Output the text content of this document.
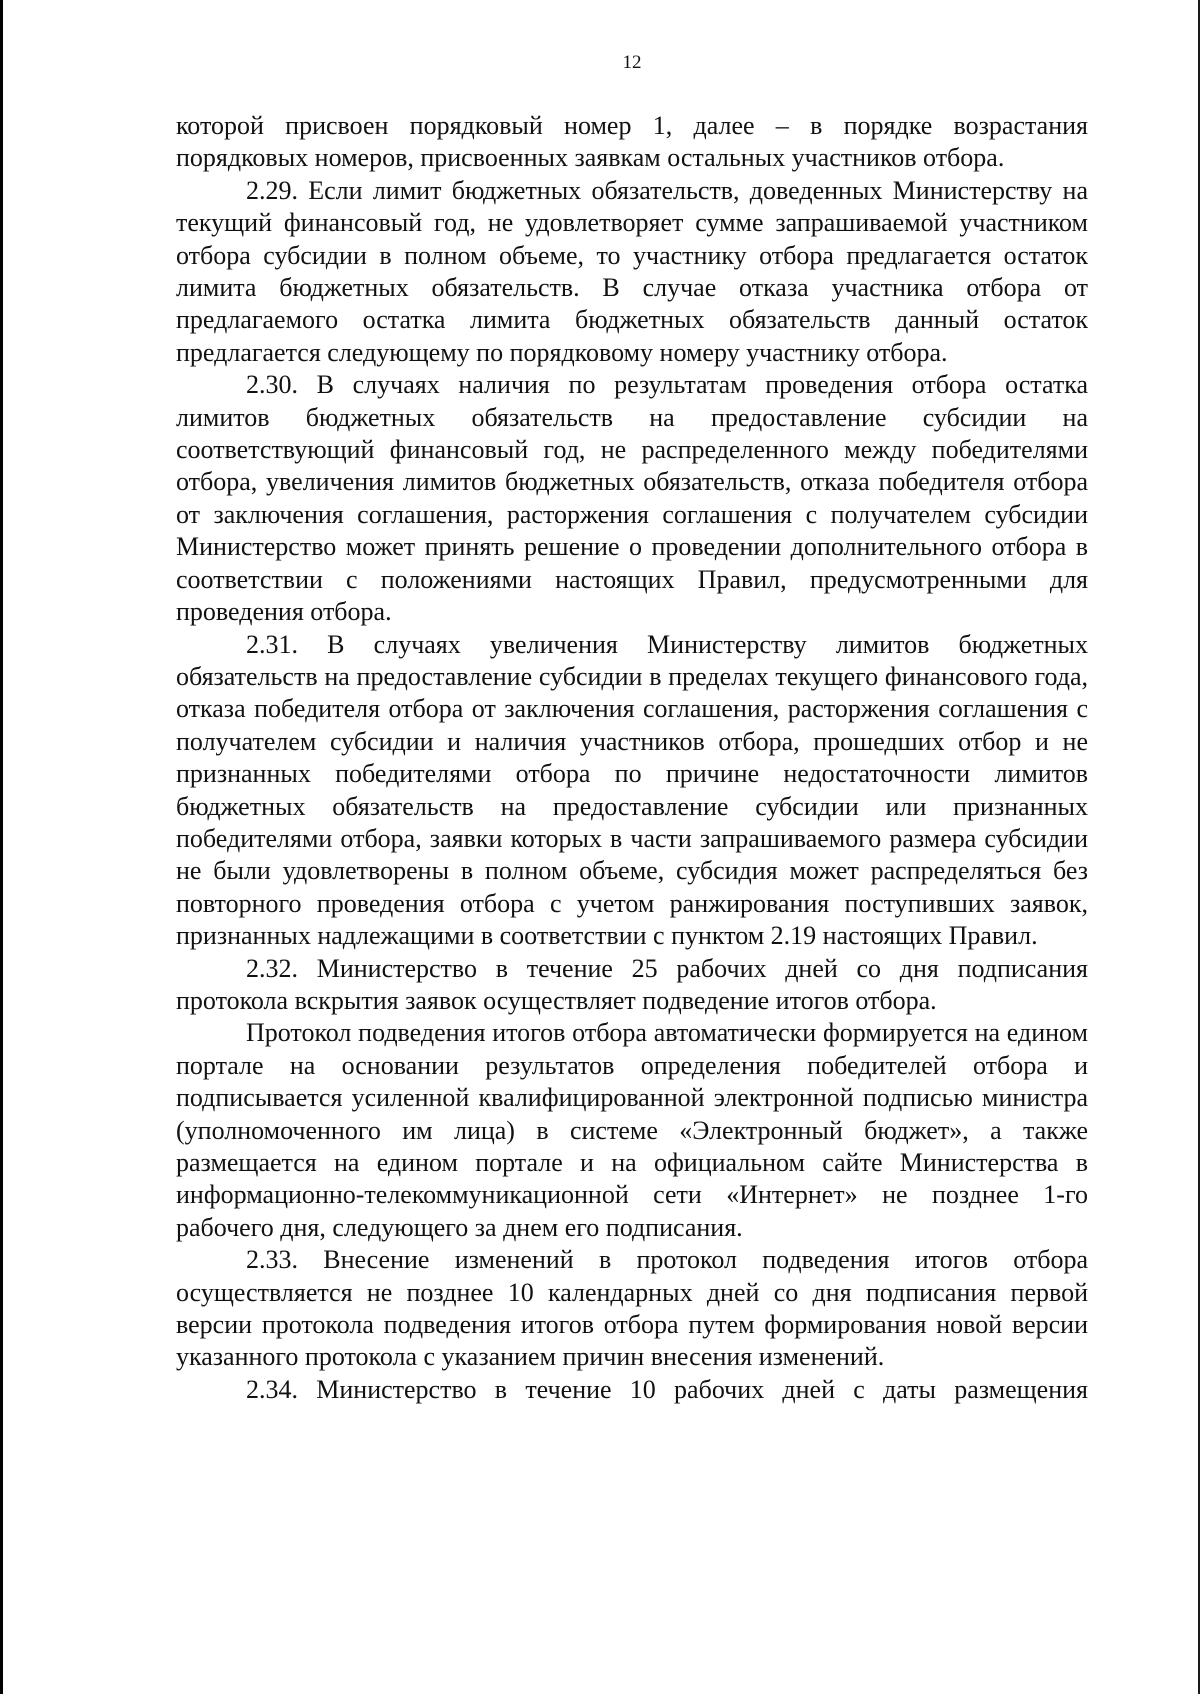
12

которой присвоен порядковый номер 1, далее – в порядке возрастания порядковых номеров, присвоенных заявкам остальных участников отбора.

2.29. Если лимит бюджетных обязательств, доведенных Министерству на текущий финансовый год, не удовлетворяет сумме запрашиваемой участником отбора субсидии в полном объеме, то участнику отбора предлагается остаток лимита бюджетных обязательств. В случае отказа участника отбора от предлагаемого остатка лимита бюджетных обязательств данный остаток предлагается следующему по порядковому номеру участнику отбора.

2.30. В случаях наличия по результатам проведения отбора остатка лимитов бюджетных обязательств на предоставление субсидии на соответствующий финансовый год, не распределенного между победителями отбора, увеличения лимитов бюджетных обязательств, отказа победителя отбора от заключения соглашения, расторжения соглашения с получателем субсидии Министерство может принять решение о проведении дополнительного отбора в соответствии с положениями настоящих Правил, предусмотренными для проведения отбора.

2.31. В случаях увеличения Министерству лимитов бюджетных обязательств на предоставление субсидии в пределах текущего финансового года, отказа победителя отбора от заключения соглашения, расторжения соглашения с получателем субсидии и наличия участников отбора, прошедших отбор и не признанных победителями отбора по причине недостаточности лимитов бюджетных обязательств на предоставление субсидии или признанных победителями отбора, заявки которых в части запрашиваемого размера субсидии не были удовлетворены в полном объеме, субсидия может распределяться без повторного проведения отбора с учетом ранжирования поступивших заявок, признанных надлежащими в соответствии с пунктом 2.19 настоящих Правил.

2.32. Министерство в течение 25 рабочих дней со дня подписания протокола вскрытия заявок осуществляет подведение итогов отбора.

Протокол подведения итогов отбора автоматически формируется на едином портале на основании результатов определения победителей отбора и подписывается усиленной квалифицированной электронной подписью министра (уполномоченного им лица) в системе «Электронный бюджет», а также размещается на едином портале и на официальном сайте Министерства в информационно-телекоммуникационной сети «Интернет» не позднее 1-го рабочего дня, следующего за днем его подписания.

2.33. Внесение изменений в протокол подведения итогов отбора осуществляется не позднее 10 календарных дней со дня подписания первой версии протокола подведения итогов отбора путем формирования новой версии указанного протокола с указанием причин внесения изменений.

2.34. Министерство в течение 10 рабочих дней с даты размещения
